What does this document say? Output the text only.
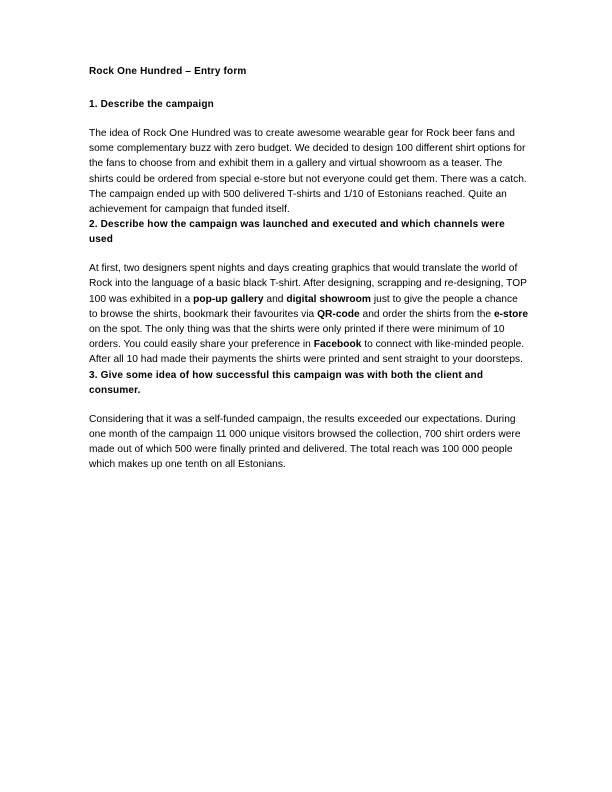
Rock One Hundred – Entry form

1. Describe the campaign

The idea of Rock One Hundred was to create awesome wearable gear for Rock beer fans and some complementary buzz with zero budget. We decided to design 100 different shirt options for the fans to choose from and exhibit them in a gallery and virtual showroom as a teaser. The shirts could be ordered from special e-store but not everyone could get them. There was a catch. The campaign ended up with 500 delivered T-shirts and 1/10 of Estonians reached. Quite an achievement for campaign that funded itself.

2. Describe how the campaign was launched and executed and which channels were used

At first, two designers spent nights and days creating graphics that would translate the world of Rock into the language of a basic black T-shirt. After designing, scrapping and re-designing, TOP 100 was exhibited in a pop-up gallery and digital showroom just to give the people a chance to browse the shirts, bookmark their favourites via QR-code and order the shirts from the e-store on the spot. The only thing was that the shirts were only printed if there were minimum of 10 orders. You could easily share your preference in Facebook to connect with like-minded people. After all 10 had made their payments the shirts were printed and sent straight to your doorsteps.

3. Give some idea of how successful this campaign was with both the client and consumer.

Considering that it was a self-funded campaign, the results exceeded our expectations. During one month of the campaign 11 000 unique visitors browsed the collection, 700 shirt orders were made out of which 500 were finally printed and delivered. The total reach was 100 000 people which makes up one tenth on all Estonians.
